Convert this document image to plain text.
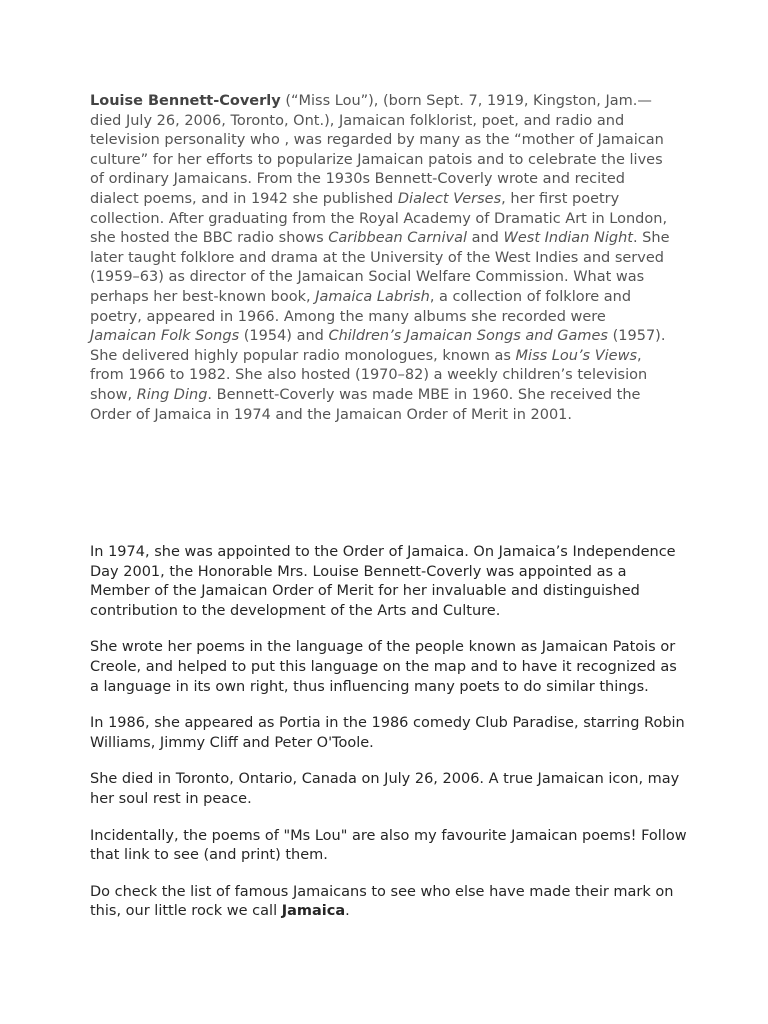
Louise Bennett-Coverly (“Miss Lou”), (born Sept. 7, 1919, Kingston, Jam.—died July 26, 2006, Toronto, Ont.), Jamaican folklorist, poet, and radio and television personality who , was regarded by many as the “mother of Jamaican culture” for her efforts to popularize Jamaican patois and to celebrate the lives of ordinary Jamaicans. From the 1930s Bennett-Coverly wrote and recited dialect poems, and in 1942 she published Dialect Verses, her first poetry collection. After graduating from the Royal Academy of Dramatic Art in London, she hosted the BBC radio shows Caribbean Carnival and West Indian Night. She later taught folklore and drama at the University of the West Indies and served (1959–63) as director of the Jamaican Social Welfare Commission. What was perhaps her best-known book, Jamaica Labrish, a collection of folklore and poetry, appeared in 1966. Among the many albums she recorded were Jamaican Folk Songs (1954) and Children’s Jamaican Songs and Games (1957). She delivered highly popular radio monologues, known as Miss Lou’s Views, from 1966 to 1982. She also hosted (1970–82) a weekly children’s television show, Ring Ding. Bennett-Coverly was made MBE in 1960. She received the Order of Jamaica in 1974 and the Jamaican Order of Merit in 2001.

In 1974, she was appointed to the Order of Jamaica. On Jamaica’s Independence Day 2001, the Honorable Mrs. Louise Bennett-Coverly was appointed as a Member of the Jamaican Order of Merit for her invaluable and distinguished contribution to the development of the Arts and Culture.

She wrote her poems in the language of the people known as Jamaican Patois or Creole, and helped to put this language on the map and to have it recognized as a language in its own right, thus influencing many poets to do similar things.

In 1986, she appeared as Portia in the 1986 comedy Club Paradise, starring Robin Williams, Jimmy Cliff and Peter O'Toole.

She died in Toronto, Ontario, Canada on July 26, 2006. A true Jamaican icon, may her soul rest in peace.

Incidentally, the poems of "Ms Lou" are also my favourite Jamaican poems! Follow that link to see (and print) them.

Do check the list of famous Jamaicans to see who else have made their mark on this, our little rock we call Jamaica.
